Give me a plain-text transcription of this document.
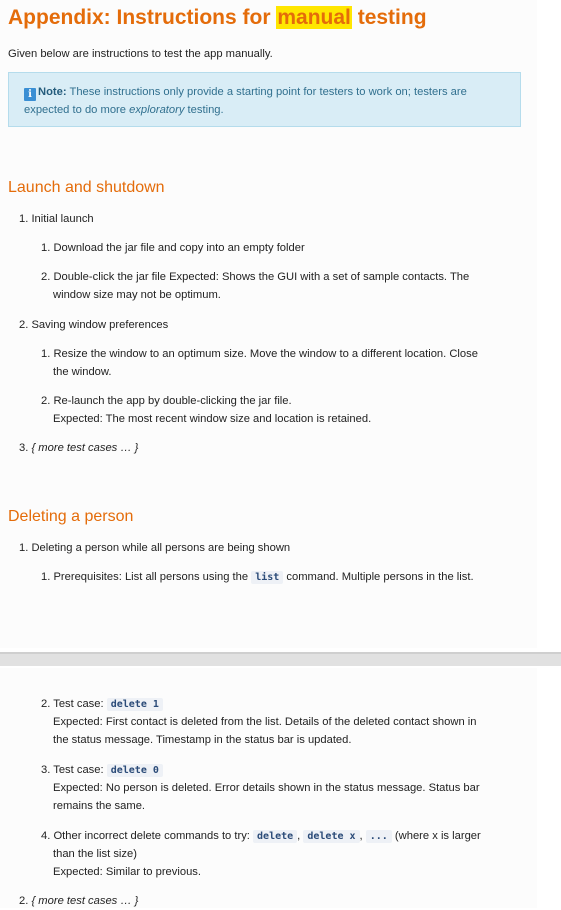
Appendix: Instructions for manual testing
Given below are instructions to test the app manually.
i Note: These instructions only provide a starting point for testers to work on; testers are expected to do more exploratory testing.
Launch and shutdown
1. Initial launch
1. Download the jar file and copy into an empty folder
2. Double-click the jar file Expected: Shows the GUI with a set of sample contacts. The
window size may not be optimum.
2. Saving window preferences
1. Resize the window to an optimum size. Move the window to a different location. Close
the window.
2. Re-launch the app by double-clicking the jar file.
Expected: The most recent window size and location is retained.
3. { more test cases … }
Deleting a person
1. Deleting a person while all persons are being shown
1. Prerequisites: List all persons using the list command. Multiple persons in the list.
2. Test case: delete 1
Expected: First contact is deleted from the list. Details of the deleted contact shown in
the status message. Timestamp in the status bar is updated.
3. Test case: delete 0
Expected: No person is deleted. Error details shown in the status message. Status bar
remains the same.
4. Other incorrect delete commands to try: delete , delete x , ... (where x is larger
than the list size)
Expected: Similar to previous.
2. { more test cases … }
